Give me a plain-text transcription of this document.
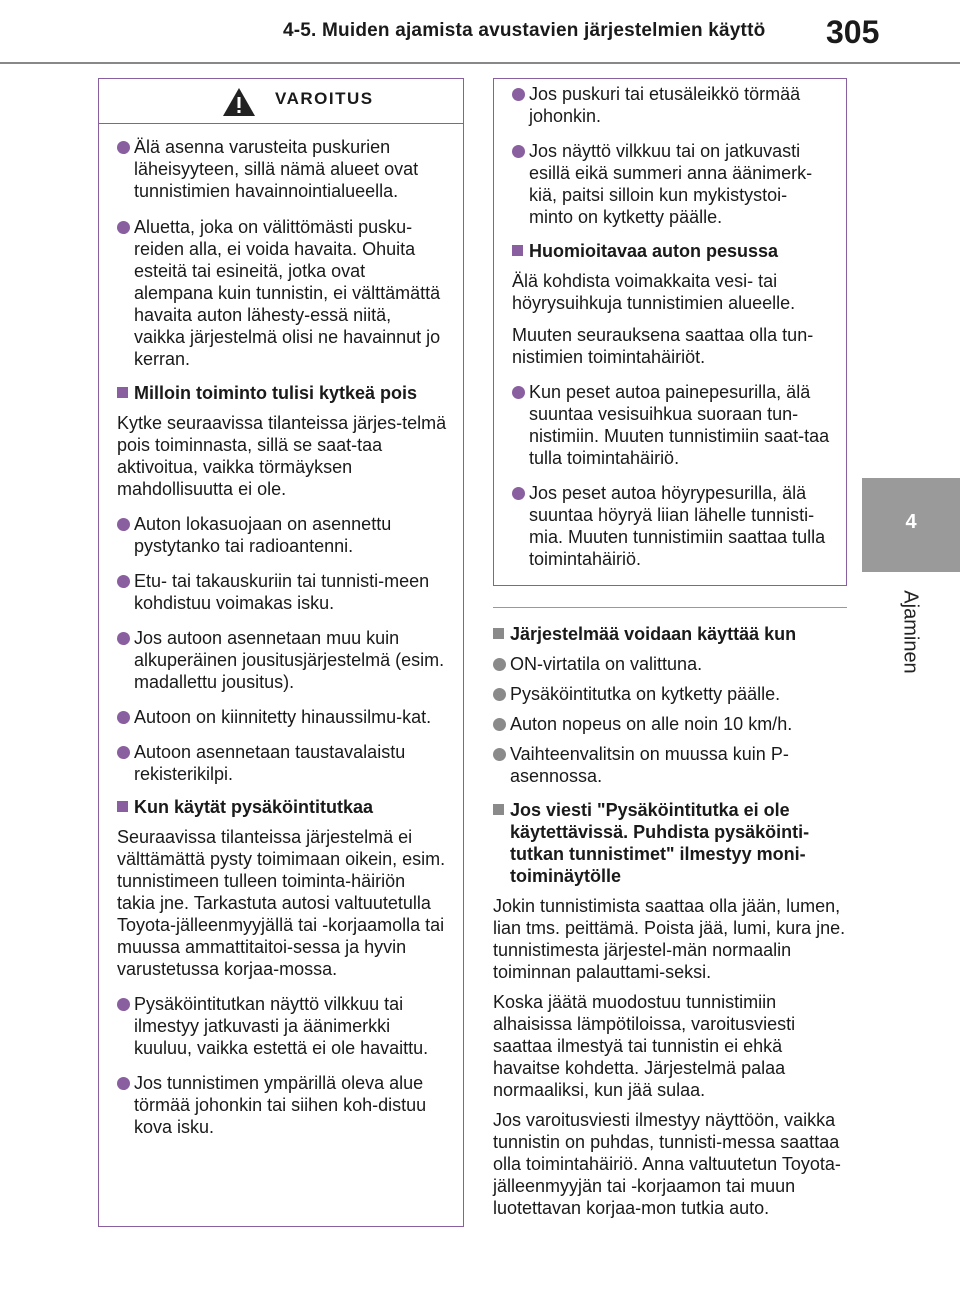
4-5. Muiden ajamista avustavien järjestelmien käyttö 305
4
Ajaminen
VAROITUS

Älä asenna varusteita puskurien läheisyyteen, sillä nämä alueet ovat tunnistimien havainnointialueella.

Aluetta, joka on välittömästi pusku-reiden alla, ei voida havaita. Ohuita esteitä tai esineitä, jotka ovat alempana kuin tunnistin, ei välttämättä havaita auton lähesty-essä niitä, vaikka järjestelmä olisi ne havainnut jo kerran.

Milloin toiminto tulisi kytkeä pois

Kytke seuraavissa tilanteissa järjes-telmä pois toiminnasta, sillä se saat-taa aktivoitua, vaikka törmäyksen mahdollisuutta ei ole.

Auton lokasuojaan on asennettu pystytanko tai radioantenni.

Etu- tai takauskuriin tai tunnisti-meen kohdistuu voimakas isku.

Jos autoon asennetaan muu kuin alkuperäinen jousitusjärjestelmä (esim. madallettu jousitus).

Autoon on kiinnitetty hinaussilmu-kat.

Autoon asennetaan taustavalaistu rekisterikilpi.

Kun käytät pysäköintitutkaa

Seuraavissa tilanteissa järjestelmä ei välttämättä pysty toimimaan oikein, esim. tunnistimeen tulleen toiminta-häiriön takia jne. Tarkastuta autosi valtuutetulla Toyota-jälleenmyyjällä tai -korjaamolla tai muussa ammattitaitoi-sessa ja hyvin varustetussa korjaa-mossa.

Pysäköintitutkan näyttö vilkkuu tai ilmestyy jatkuvasti ja äänimerkki kuuluu, vaikka estettä ei ole havaittu.

Jos tunnistimen ympärillä oleva alue törmää johonkin tai siihen koh-distuu kova isku.

Jos puskuri tai etusäleikkö törmää johonkin.

Jos näyttö vilkkuu tai on jatkuvasti esillä eikä summeri anna äänimerk-kiä, paitsi silloin kun mykistystoi-minto on kytketty päälle.

Huomioitavaa auton pesussa

Älä kohdista voimakkaita vesi- tai höyrysuihkuja tunnistimien alueelle.

Muuten seurauksena saattaa olla tun-nistimien toimintahäiriöt.

Kun peset autoa painepesurilla, älä suuntaa vesisuihkua suoraan tun-nistimiin. Muuten tunnistimiin saat-taa tulla toimintahäiriö.

Jos peset autoa höyrypesurilla, älä suuntaa höyryä liian lähelle tunnisti-mia. Muuten tunnistimiin saattaa tulla toimintahäiriö.

Järjestelmää voidaan käyttää kun

ON-virtatila on valittuna.

Pysäköintitutka on kytketty päälle.

Auton nopeus on alle noin 10 km/h.

Vaihteenvalitsin on muussa kuin P-asennossa.

Jos viesti "Pysäköintitutka ei ole käytettävissä. Puhdista pysäköinti-tutkan tunnistimet" ilmestyy moni-toiminäytölle

Jokin tunnistimista saattaa olla jään, lumen, lian tms. peittämä. Poista jää, lumi, kura jne. tunnistimesta järjestel-män normaalin toiminnan palauttami-seksi.

Koska jäätä muodostuu tunnistimiin alhaisissa lämpötiloissa, varoitusviesti saattaa ilmestyä tai tunnistin ei ehkä havaitse kohdetta. Järjestelmä palaa normaaliksi, kun jää sulaa.

Jos varoitusviesti ilmestyy näyttöön, vaikka tunnistin on puhdas, tunnisti-messa saattaa olla toimintahäiriö. Anna valtuutetun Toyota-jälleenmyyjän tai -korjaamon tai muun luotettavan korjaa-mon tutkia auto.
